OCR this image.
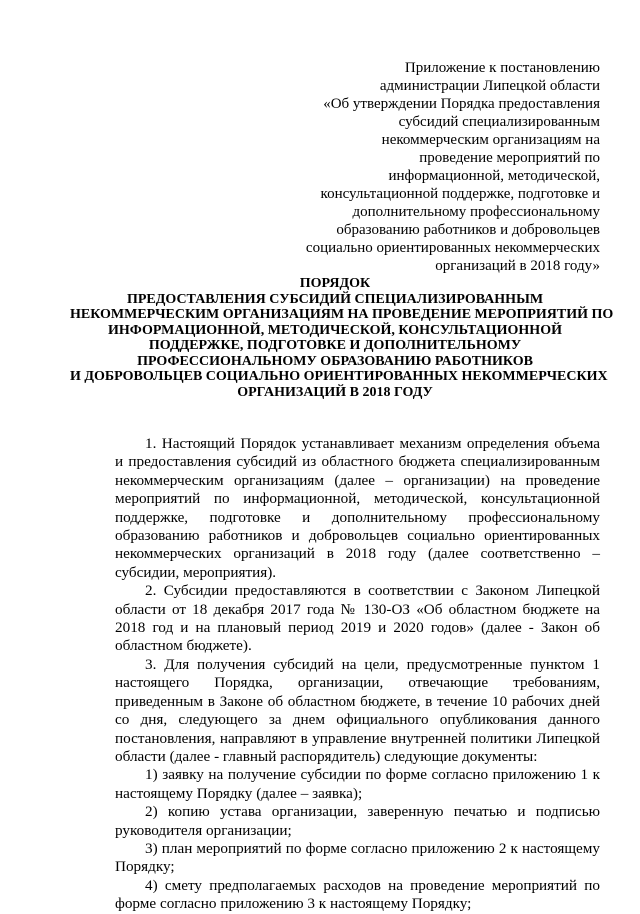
Приложение к постановлению
администрации Липецкой области
«Об утверждении Порядка предоставления
субсидий специализированным
некоммерческим организациям на
проведение мероприятий по
информационной, методической,
консультационной поддержке, подготовке и
дополнительному профессиональному
образованию работников и добровольцев
социально ориентированных некоммерческих
организаций в 2018 году»
ПОРЯДОК
ПРЕДОСТАВЛЕНИЯ СУБСИДИЙ СПЕЦИАЛИЗИРОВАННЫМ
НЕКОММЕРЧЕСКИМ ОРГАНИЗАЦИЯМ НА ПРОВЕДЕНИЕ МЕРОПРИЯТИЙ ПО
ИНФОРМАЦИОННОЙ, МЕТОДИЧЕСКОЙ, КОНСУЛЬТАЦИОННОЙ
ПОДДЕРЖКЕ, ПОДГОТОВКЕ И ДОПОЛНИТЕЛЬНОМУ
ПРОФЕССИОНАЛЬНОМУ ОБРАЗОВАНИЮ РАБОТНИКОВ
И ДОБРОВОЛЬЦЕВ СОЦИАЛЬНО ОРИЕНТИРОВАННЫХ НЕКОММЕРЧЕСКИХ
ОРГАНИЗАЦИЙ В 2018 ГОДУ

1. Настоящий Порядок устанавливает механизм определения объема и предоставления субсидий из областного бюджета специализированным некоммерческим организациям (далее – организации) на проведение мероприятий по информационной, методической, консультационной поддержке, подготовке и дополнительному профессиональному образованию работников и добровольцев социально ориентированных некоммерческих организаций в 2018 году (далее соответственно – субсидии, мероприятия).

2. Субсидии предоставляются в соответствии с Законом Липецкой области от 18 декабря 2017 года № 130-ОЗ «Об областном бюджете на 2018 год и на плановый период 2019 и 2020 годов» (далее - Закон об областном бюджете).

3. Для получения субсидий на цели, предусмотренные пунктом 1 настоящего Порядка, организации, отвечающие требованиям, приведенным в Законе об областном бюджете, в течение 10 рабочих дней со дня, следующего за днем официального опубликования данного постановления, направляют в управление внутренней политики Липецкой области (далее - главный распорядитель) следующие документы:

1) заявку на получение субсидии по форме согласно приложению 1 к настоящему Порядку (далее – заявка);

2) копию устава организации, заверенную печатью и подписью руководителя организации;

3) план мероприятий по форме согласно приложению 2 к настоящему Порядку;

4) смету предполагаемых расходов на проведение мероприятий по форме согласно приложению 3 к настоящему Порядку;
